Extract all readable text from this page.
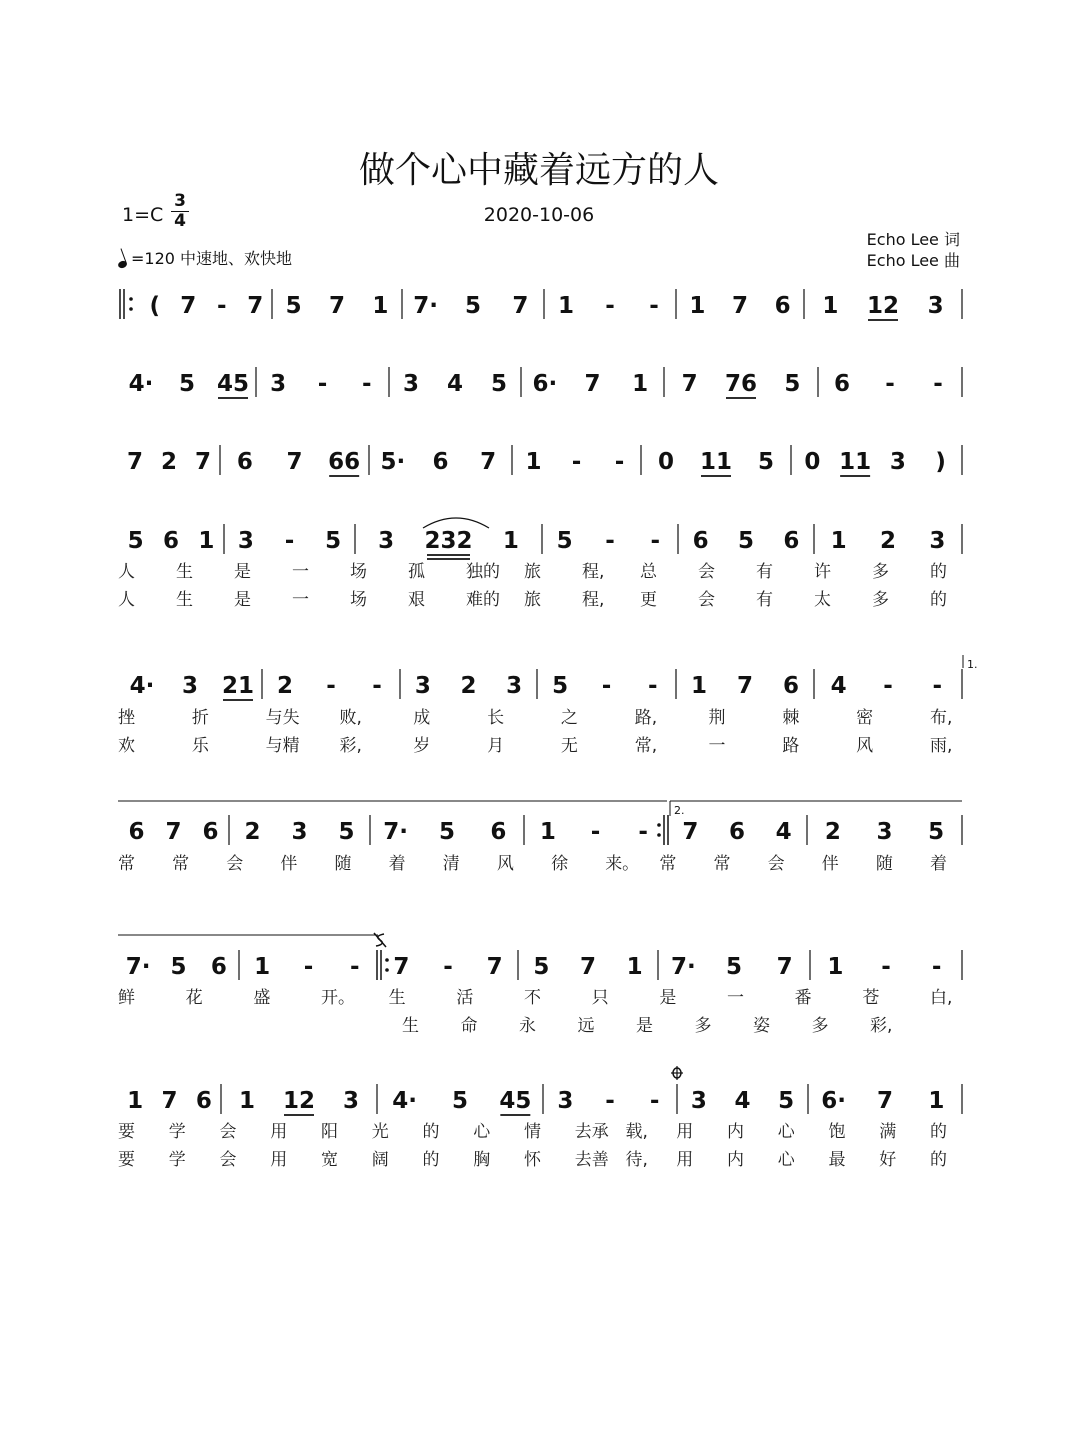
做个心中藏着远方的人
1=C
3
4	2020-10-06
Echo Lee 词
Echo Lee 曲
=120 中速地、欢快地
( 7 - 7 5 7 1 7· 5 7 1 - - 1 7 6 1 12 3
4· 5 45 3 - - 3 4 5 6· 7 1 7 76 5 6 - -
7 2 7 6 7 66 5· 6 7 1 - - 0 11 5 0 11 3 )
5 6 1 3 - 5 3 232 1 5 - - 6 5 6 1 2 3
人 生 是 一 场 孤 独的 旅 程, 总 会 有 许 多 的
人 生 是 一 场 艰 难的 旅 程, 更 会 有 太 多 的
4· 3 21 2 - - 3 2 3 5 - - 1 7 6 4 - -
挫	折	与失 败,	成	长	之	路,	荆	棘	密	布,
欢	乐	与精 彩,	岁	月	无	常,	一	路	风	雨,
6 7 6 2 3 5 7· 5 6 1 - - 7 6 4 2 3 5
常 常 会 伴 随 着 清 风 徐 来。 常 常 会 伴 随 着
7· 5 6 1 - - 7 - 7 5 7 1 7· 5 7 1 - -
鲜	花	盛	开。 生	活	不	只	是	一	番	苍	白,
生 命 永 远 是 多 姿 多 彩,
1 7 6 1 12 3 4· 5 45 3 - - 3 4 5 6· 7 1
要 学 会 用 阳 光 的 心 情 去承 载, 用 内 心 饱 满 的
要 学 会 用 宽 阔 的 胸 怀 去善 待, 用 内 心 最 好 的
1.
2.
